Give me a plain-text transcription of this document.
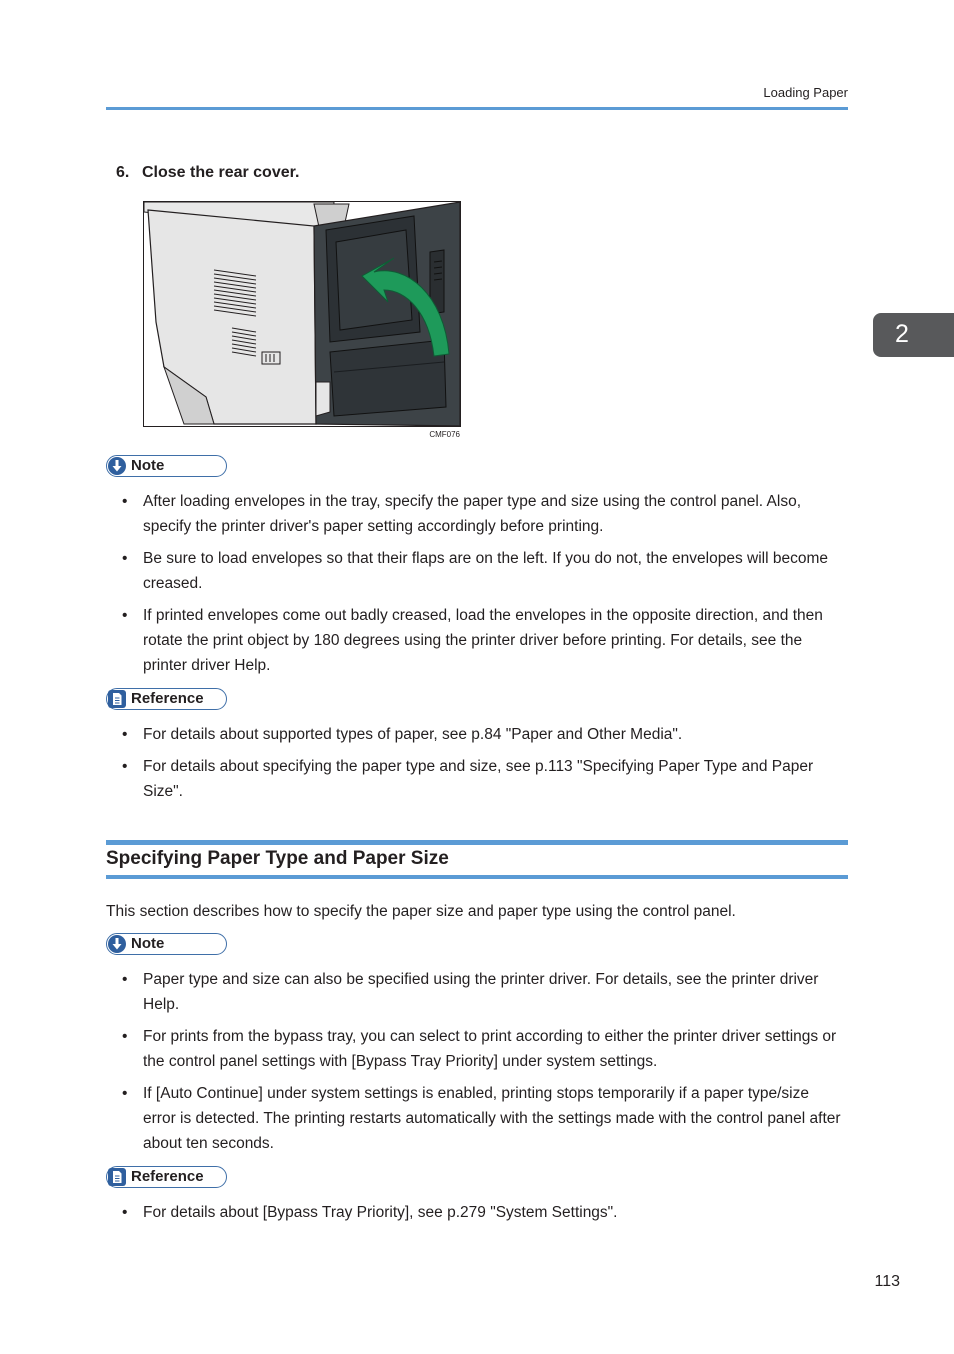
Loading Paper
2
6. Close the rear cover.
CMF076
Note
• After loading envelopes in the tray, specify the paper type and size using the control panel. Also, specify the printer driver's paper setting accordingly before printing.
• Be sure to load envelopes so that their flaps are on the left. If you do not, the envelopes will become creased.
• If printed envelopes come out badly creased, load the envelopes in the opposite direction, and then rotate the print object by 180 degrees using the printer driver before printing. For details, see the printer driver Help.
Reference
• For details about supported types of paper, see p.84 "Paper and Other Media".
• For details about specifying the paper type and size, see p.113 "Specifying Paper Type and Paper Size".
Specifying Paper Type and Paper Size
This section describes how to specify the paper size and paper type using the control panel.
Note
• Paper type and size can also be specified using the printer driver. For details, see the printer driver Help.
• For prints from the bypass tray, you can select to print according to either the printer driver settings or the control panel settings with [Bypass Tray Priority] under system settings.
• If [Auto Continue] under system settings is enabled, printing stops temporarily if a paper type/size error is detected. The printing restarts automatically with the settings made with the control panel after about ten seconds.
Reference
• For details about [Bypass Tray Priority], see p.279 "System Settings".
113
